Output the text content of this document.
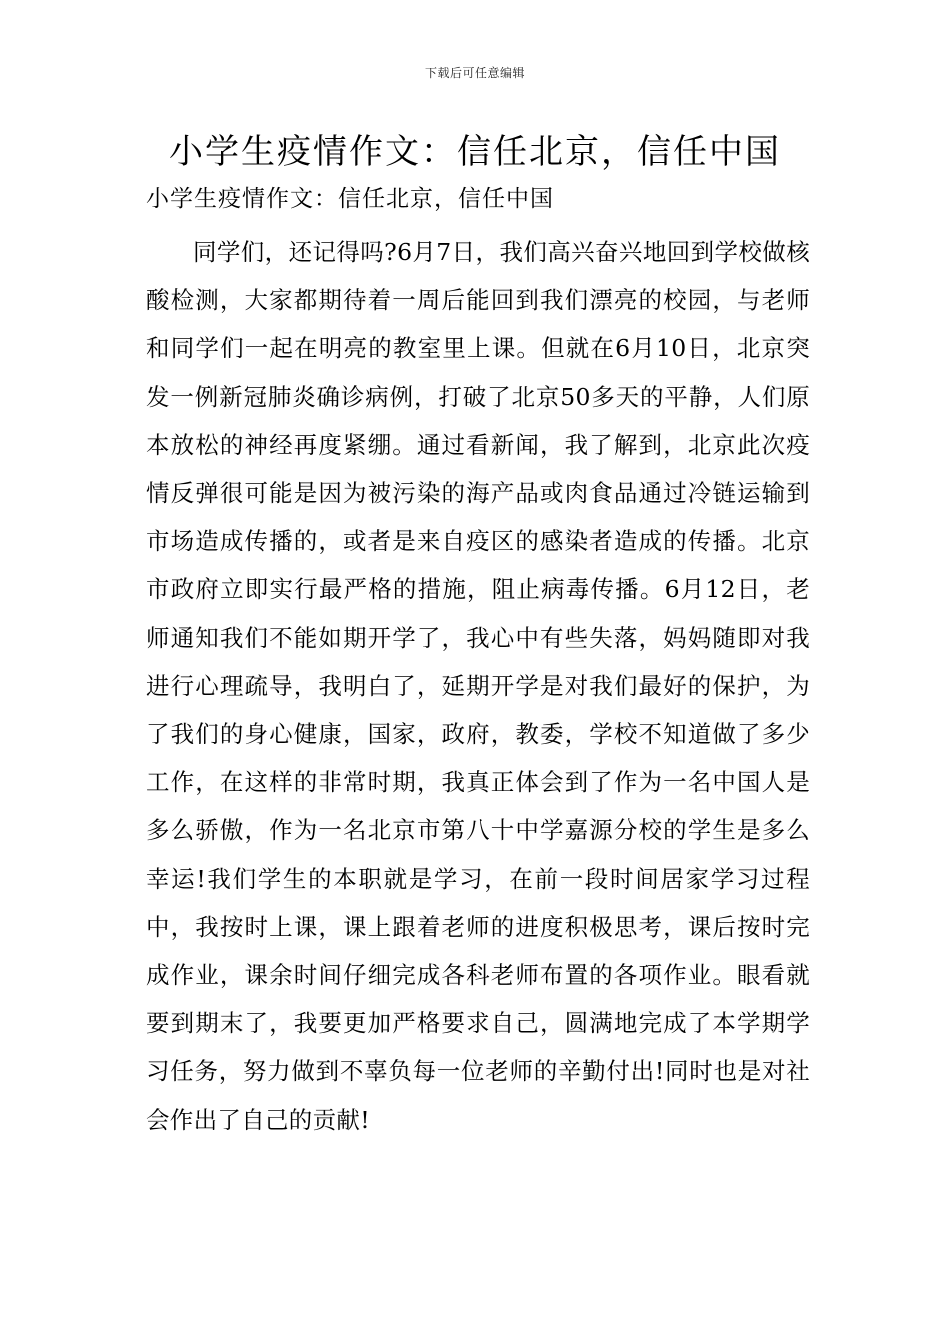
下载后可任意编辑
小学生疫情作文：信任北京，信任中国
小学生疫情作文：信任北京，信任中国

同学们，还记得吗?6月7日，我们高兴奋兴地回到学校做核酸检测，大家都期待着一周后能回到我们漂亮的校园，与老师和同学们一起在明亮的教室里上课。但就在6月10日，北京突发一例新冠肺炎确诊病例，打破了北京50多天的平静，人们原本放松的神经再度紧绷。通过看新闻，我了解到，北京此次疫情反弹很可能是因为被污染的海产品或肉食品通过冷链运输到市场造成传播的，或者是来自疫区的感染者造成的传播。北京市政府立即实行最严格的措施，阻止病毒传播。6月12日，老师通知我们不能如期开学了，我心中有些失落，妈妈随即对我进行心理疏导，我明白了，延期开学是对我们最好的保护，为了我们的身心健康，国家，政府，教委，学校不知道做了多少工作，在这样的非常时期，我真正体会到了作为一名中国人是多么骄傲，作为一名北京市第八十中学嘉源分校的学生是多么幸运!我们学生的本职就是学习，在前一段时间居家学习过程中，我按时上课，课上跟着老师的进度积极思考，课后按时完成作业，课余时间仔细完成各科老师布置的各项作业。眼看就要到期末了，我要更加严格要求自己，圆满地完成了本学期学习任务，努力做到不辜负每一位老师的辛勤付出!同时也是对社会作出了自己的贡献!
